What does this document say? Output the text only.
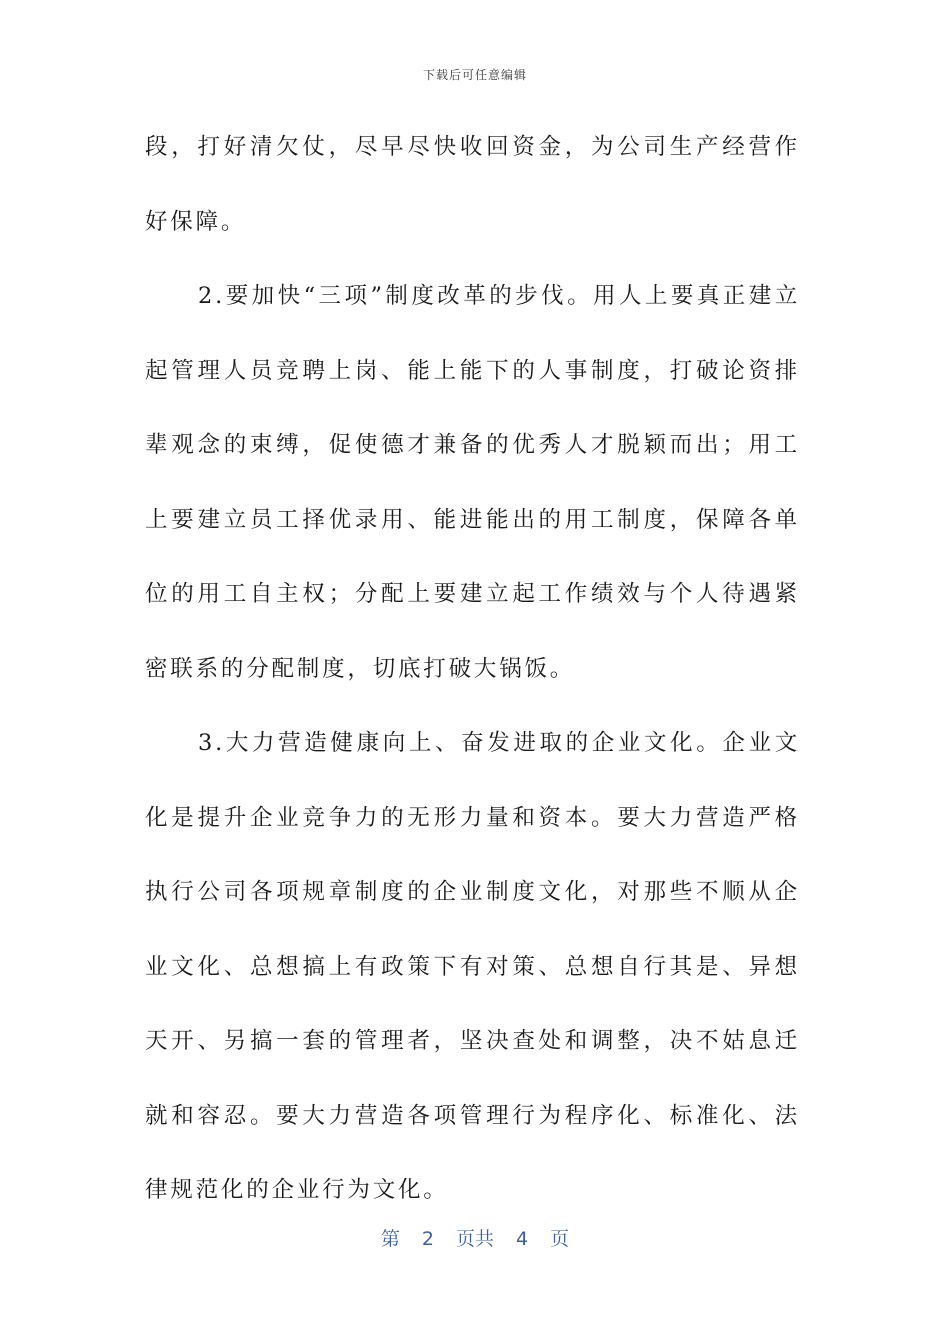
下载后可任意编辑

段，打好清欠仗，尽早尽快收回资金，为公司生产经营作好保障。

2.要加快“三项”制度改革的步伐。用人上要真正建立起管理人员竞聘上岗、能上能下的人事制度，打破论资排辈观念的束缚，促使德才兼备的优秀人才脱颖而出；用工上要建立员工择优录用、能进能出的用工制度，保障各单位的用工自主权；分配上要建立起工作绩效与个人待遇紧密联系的分配制度，切底打破大锅饭。

3.大力营造健康向上、奋发进取的企业文化。企业文化是提升企业竞争力的无形力量和资本。要大力营造严格执行公司各项规章制度的企业制度文化，对那些不顺从企业文化、总想搞上有政策下有对策、总想自行其是、异想天开、另搞一套的管理者，坚决查处和调整，决不姑息迁就和容忍。要大力营造各项管理行为程序化、标准化、法律规范化的企业行为文化。

第 2 页共 4 页
